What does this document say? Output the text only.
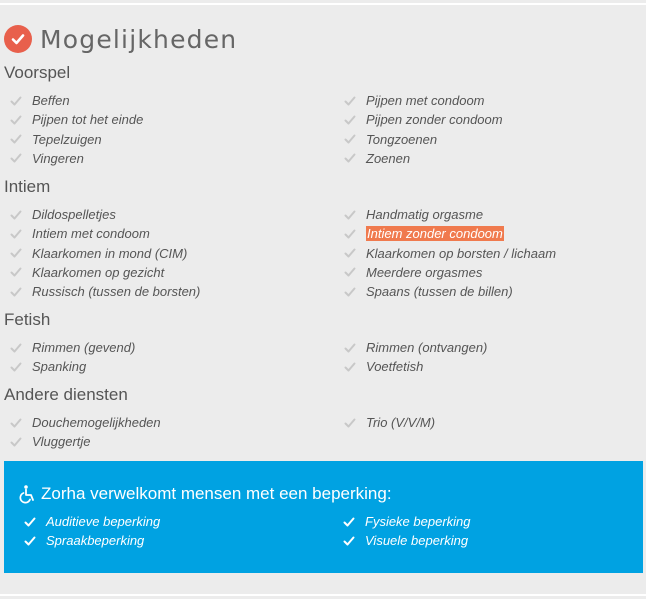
Mogelijkheden
Voorspel
Beffen	Pijpen met condoom
Pijpen tot het einde	Pijpen zonder condoom
Tepelzuigen	Tongzoenen
Vingeren	Zoenen
Intiem
Dildospelletjes	Handmatig orgasme
Intiem met condoom	Intiem zonder condoom
Klaarkomen in mond (CIM)	Klaarkomen op borsten / lichaam
Klaarkomen op gezicht	Meerdere orgasmes
Russisch (tussen de borsten)	Spaans (tussen de billen)
Fetish
Rimmen (gevend)	Rimmen (ontvangen)
Spanking	Voetfetish
Andere diensten
Douchemogelijkheden	Trio (V/V/M)
Vluggertje
Zorha verwelkomt mensen met een beperking:
Auditieve beperking	Fysieke beperking
Spraakbeperking	Visuele beperking
